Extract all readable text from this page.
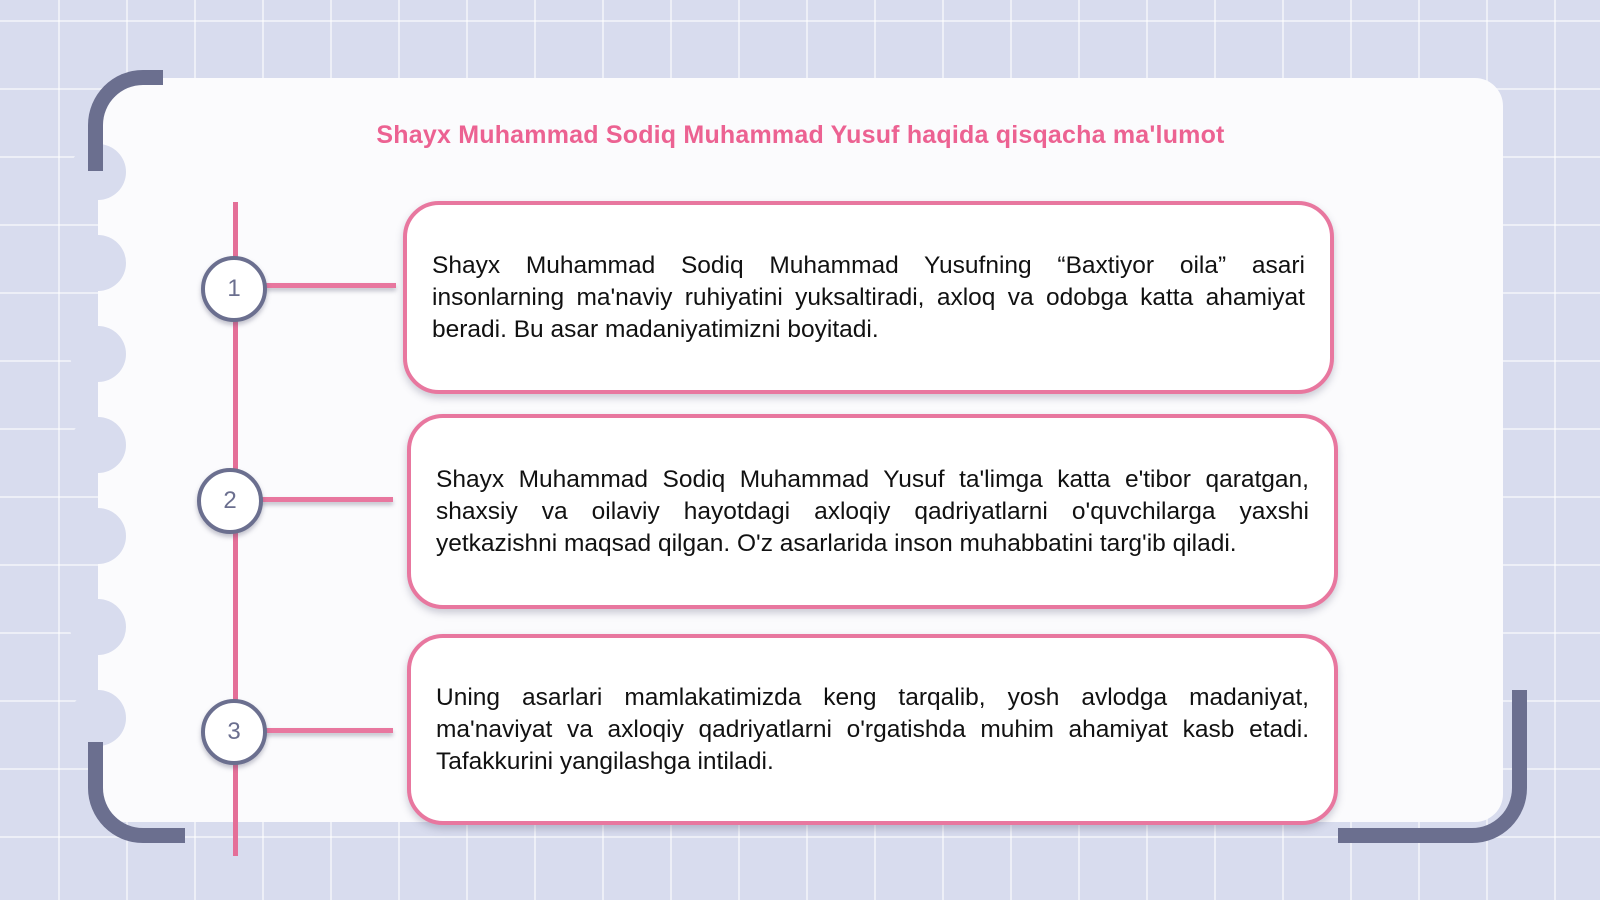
Shayx Muhammad Sodiq Muhammad Yusuf haqida qisqacha ma'lumot
1
2
3

Shayx Muhammad Sodiq Muhammad Yusufning “Baxtiyor oila” asari insonlarning ma'naviy ruhiyatini yuksaltiradi, axloq va odobga katta ahamiyat beradi. Bu asar madaniyatimizni boyitadi.

Shayx Muhammad Sodiq Muhammad Yusuf ta'limga katta e'tibor qaratgan, shaxsiy va oilaviy hayotdagi axloqiy qadriyatlarni o'quvchilarga yaxshi yetkazishni maqsad qilgan. O'z asarlarida inson muhabbatini targ'ib qiladi.

Uning asarlari mamlakatimizda keng tarqalib, yosh avlodga madaniyat, ma'naviyat va axloqiy qadriyatlarni o'rgatishda muhim ahamiyat kasb etadi. Tafakkurini yangilashga intiladi.
